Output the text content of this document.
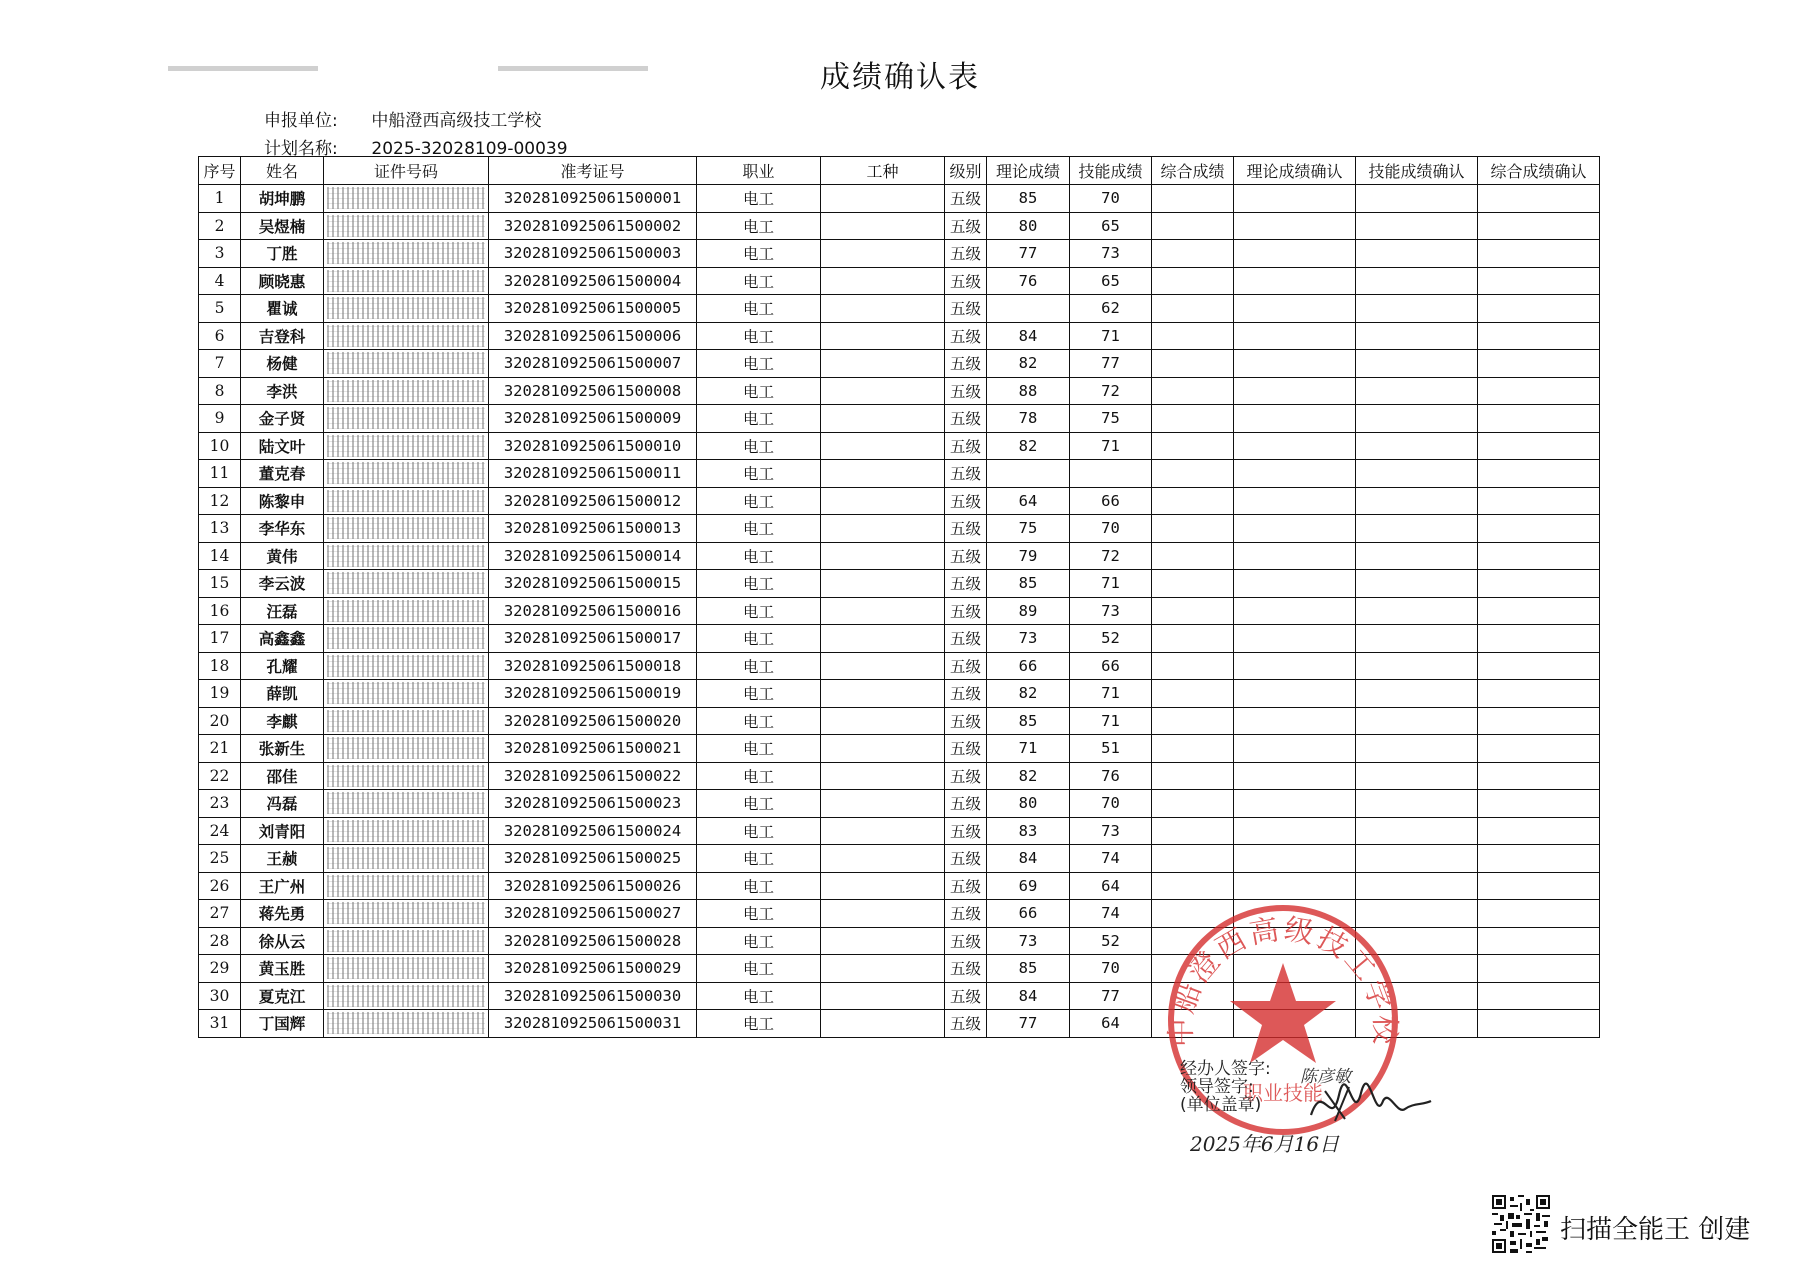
成绩确认表
申报单位: 中船澄西高级技工学校
计划名称: 2025-32028109-00039
序号	姓名	证件号码	准考证号	职业	工种	级别	理论成绩	技能成绩	综合成绩	理论成绩确认	技能成绩确认	综合成绩确认
1	胡坤鹏		320281092506150000​1	电工		五级	85	70				
2	吴煜楠		3202810925061500002	电工		五级	80	65				
3	丁胜		3202810925061500003	电工		五级	77	73				
4	顾晓惠		3202810925061500004	电工		五级	76	65				
5	瞿诚		3202810925061500005	电工		五级		62				
6	吉登科		3202810925061500006	电工		五级	84	71				
7	杨健		3202810925061500007	电工		五级	82	77				
8	李洪		3202810925061500008	电工		五级	88	72				
9	金子贤		3202810925061500009	电工		五级	78	75				
10	陆文叶		3202810925061500010	电工		五级	82	71				
11	董克春		3202810925061500011	电工		五级						
12	陈黎申		3202810925061500012	电工		五级	64	66				
13	李华东		3202810925061500013	电工		五级	75	70				
14	黄伟		3202810925061500014	电工		五级	79	72				
15	李云波		3202810925061500015	电工		五级	85	71				
16	汪磊		3202810925061500016	电工		五级	89	73				
17	高鑫鑫		3202810925061500017	电工		五级	73	52				
18	孔耀		3202810925061500018	电工		五级	66	66				
19	薛凯		3202810925061500019	电工		五级	82	71				
20	李麒		3202810925061500020	电工		五级	85	71				
21	张新生		3202810925061500021	电工		五级	71	51				
22	邵佳		3202810925061500022	电工		五级	82	76				
23	冯磊		3202810925061500023	电工		五级	80	70				
24	刘青阳		3202810925061500024	电工		五级	83	73				
25	王赪		3202810925061500025	电工		五级	84	74				
26	王广州		3202810925061500026	电工		五级	69	64				
27	蒋先勇		3202810925061500027	电工		五级	66	74				
28	徐从云		3202810925061500028	电工		五级	73	52				
29	黄玉胜		3202810925061500029	电工		五级	85	70				
30	夏克江		3202810925061500030	电工		五级	84	77				
31	丁国辉		3202810925061500031	电工		五级	77	64				中船澄西高级技工学校
职业技能
经办人签字:
领导签字:
(单位盖章)
陈彦敏
2025年6月16日
扫描全能王 创建
